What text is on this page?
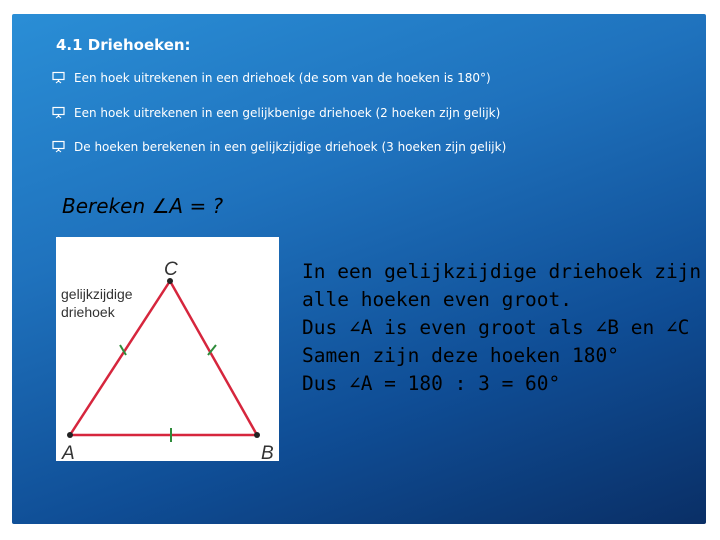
4.1 Driehoeken:
Een hoek uitrekenen in een driehoek (de som van de hoeken is 180°)
Een hoek uitrekenen in een gelijkbenige driehoek (2 hoeken zijn gelijk)
De hoeken berekenen in een gelijkzijdige driehoek (3 hoeken zijn gelijk)
Bereken ∠A = ?
gelijkzijdige
driehoek
C
A	B
In een gelijkzijdige driehoek zijn
alle hoeken even groot.
Dus ∠A is even groot als ∠B en ∠C
Samen zijn deze hoeken 180°
Dus ∠A = 180 : 3 = 60°
